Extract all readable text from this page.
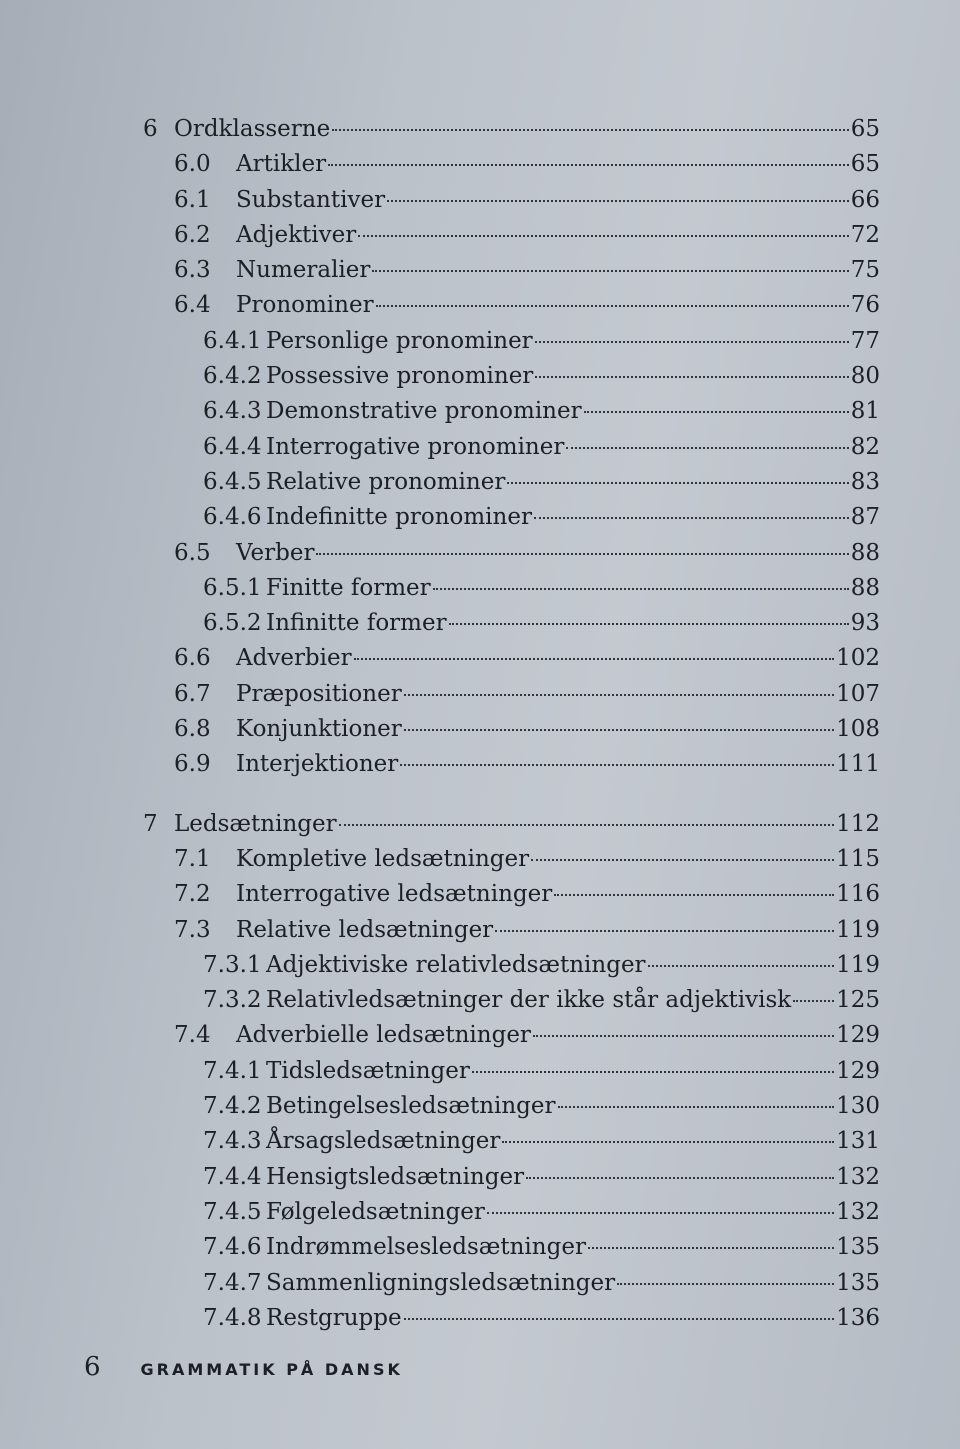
6 Ordklasserne	65
6.0 Artikler	65
6.1 Substantiver	66
6.2 Adjektiver	72
6.3 Numeralier	75
6.4 Pronominer	76
6.4.1 Personlige pronominer	77
6.4.2 Possessive pronominer	80
6.4.3 Demonstrative pronominer	81
6.4.4 Interrogative pronominer	82
6.4.5 Relative pronominer	83
6.4.6 Indefinitte pronominer	87
6.5 Verber	88
6.5.1 Finitte former	88
6.5.2 Infinitte former	93
6.6 Adverbier	102
6.7 Præpositioner	107
6.8 Konjunktioner	108
6.9 Interjektioner	111
7 Ledsætninger	112
7.1 Kompletive ledsætninger	115
7.2 Interrogative ledsætninger	116
7.3 Relative ledsætninger	119
7.3.1 Adjektiviske relativledsætninger	119
7.3.2 Relativledsætninger der ikke står adjektivisk 125
7.4 Adverbielle ledsætninger	129
7.4.1 Tidsledsætninger	129
7.4.2 Betingelsesledsætninger	130
7.4.3 Årsagsledsætninger	131
7.4.4 Hensigtsledsætninger	132
7.4.5 Følgeledsætninger	132
7.4.6 Indrømmelsesledsætninger	135
7.4.7 Sammenligningsledsætninger	135
7.4.8 Restgruppe	136
6	GRAMMATIK PÅ DANSK
